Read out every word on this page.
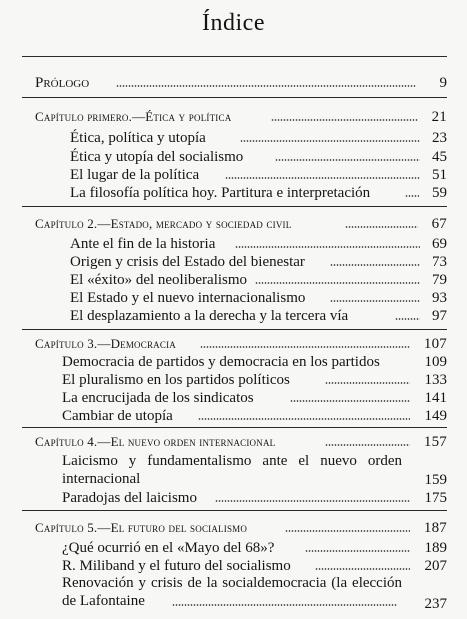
Índice
Prólogo	9
Capítulo primero.—Ética y política	21
Ética, política y utopía	23
Ética y utopía del socialismo	45
El lugar de la política	51
La filosofía política hoy. Partitura e interpretación	59
Capítulo 2.—Estado, mercado y sociedad civil	67
Ante el fin de la historia	69
Origen y crisis del Estado del bienestar	73
El «éxito» del neoliberalismo	79
El Estado y el nuevo internacionalismo	93
El desplazamiento a la derecha y la tercera vía	97
Capítulo 3.—Democracia	107
Democracia de partidos y democracia en los partidos	109
El pluralismo en los partidos políticos	133
La encrucijada de los sindicatos	141
Cambiar de utopía	149
Capítulo 4.—El nuevo orden internacional	157
Laicismo y fundamentalismo ante el nuevo orden internacional	159
Paradojas del laicismo	175
Capítulo 5.—El futuro del socialismo	187
¿Qué ocurrió en el «Mayo del 68»?	189
R. Miliband y el futuro del socialismo	207
Renovación y crisis de la socialdemocracia (la elección de Lafontaine	237
